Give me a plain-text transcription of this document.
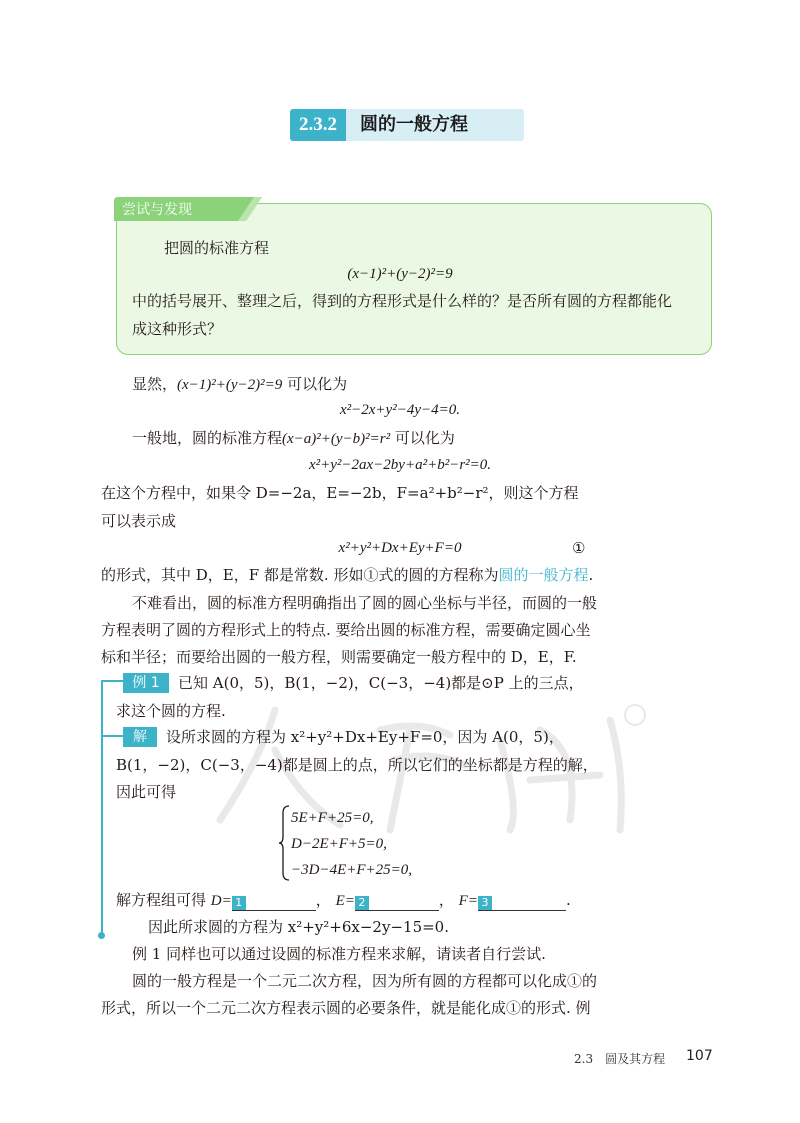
2.3.2	圆的一般方程
尝试与发现
把圆的标准方程
(x−1)²+(y−2)²=9
中的括号展开、整理之后，得到的方程形式是什么样的？是否所有圆的方程都能化
成这种形式？
显然，(x−1)²+(y−2)²=9 可以化为
x²−2x+y²−4y−4=0.
一般地，圆的标准方程(x−a)²+(y−b)²=r² 可以化为
x²+y²−2ax−2by+a²+b²−r²=0.
在这个方程中，如果令 D=−2a，E=−2b，F=a²+b²−r²，则这个方程
可以表示成
x²+y²+Dx+Ey+F=0	①
的形式，其中 D，E，F 都是常数. 形如①式的圆的方程称为圆的一般方程.
不难看出，圆的标准方程明确指出了圆的圆心坐标与半径，而圆的一般
方程表明了圆的方程形式上的特点. 要给出圆的标准方程，需要确定圆心坐
标和半径；而要给出圆的一般方程，则需要确定一般方程中的 D，E，F.
例 1	已知 A(0，5)，B(1，−2)，C(−3，−4)都是⊙P 上的三点，
求这个圆的方程.
解	设所求圆的方程为 x²+y²+Dx+Ey+F=0，因为 A(0，5)，
B(1，−2)，C(−3，−4)都是圆上的点，所以它们的坐标都是方程的解，
因此可得
5E+F+25=0,
D−2E+F+5=0,
−3D−4E+F+25=0,
解方程组可得 D= 1	， E= 2	， F= 3	.
因此所求圆的方程为 x²+y²+6x−2y−15=0.
例 1 同样也可以通过设圆的标准方程来求解，请读者自行尝试.
圆的一般方程是一个二元二次方程，因为所有圆的方程都可以化成①的
形式，所以一个二元二次方程表示圆的必要条件，就是能化成①的形式. 例
2.3　圆及其方程 107
